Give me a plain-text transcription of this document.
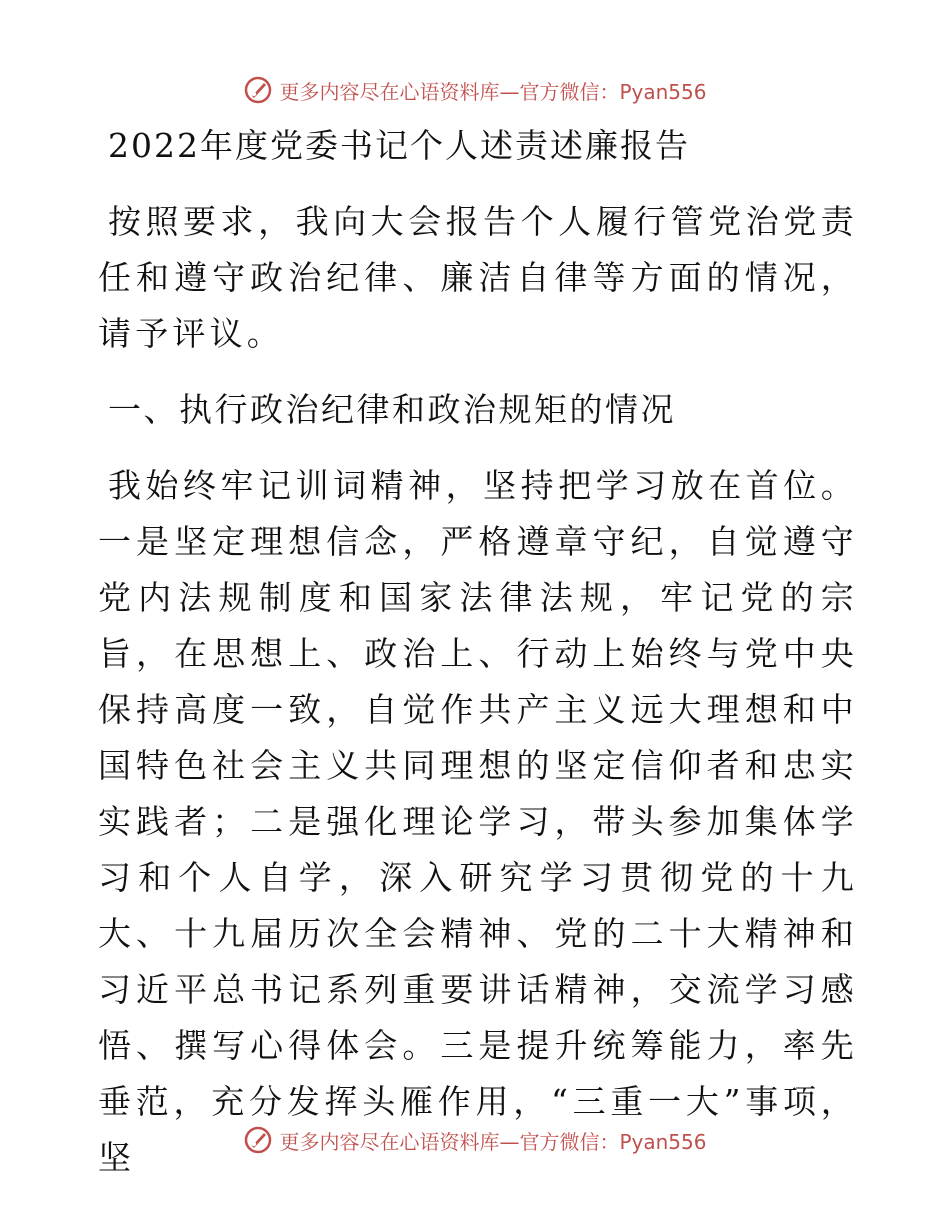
更多内容尽在心语资料库—官方微信：Pyan556
2022年度党委书记个人述责述廉报告

按照要求，我向大会报告个人履行管党治党责任和遵守政治纪律、廉洁自律等方面的情况，请予评议。

一、执行政治纪律和政治规矩的情况

我始终牢记训词精神，坚持把学习放在首位。一是坚定理想信念，严格遵章守纪，自觉遵守党内法规制度和国家法律法规，牢记党的宗旨，在思想上、政治上、行动上始终与党中央保持高度一致，自觉作共产主义远大理想和中国特色社会主义共同理想的坚定信仰者和忠实实践者；二是强化理论学习，带头参加集体学习和个人自学，深入研究学习贯彻党的十九大、十九届历次全会精神、党的二十大精神和习近平总书记系列重要讲话精神，交流学习感悟、撰写心得体会。三是提升统筹能力，率先垂范，充分发挥头雁作用，“三重一大”事项，坚	更多内容尽在心语资料库—官方微信：Pyan556
